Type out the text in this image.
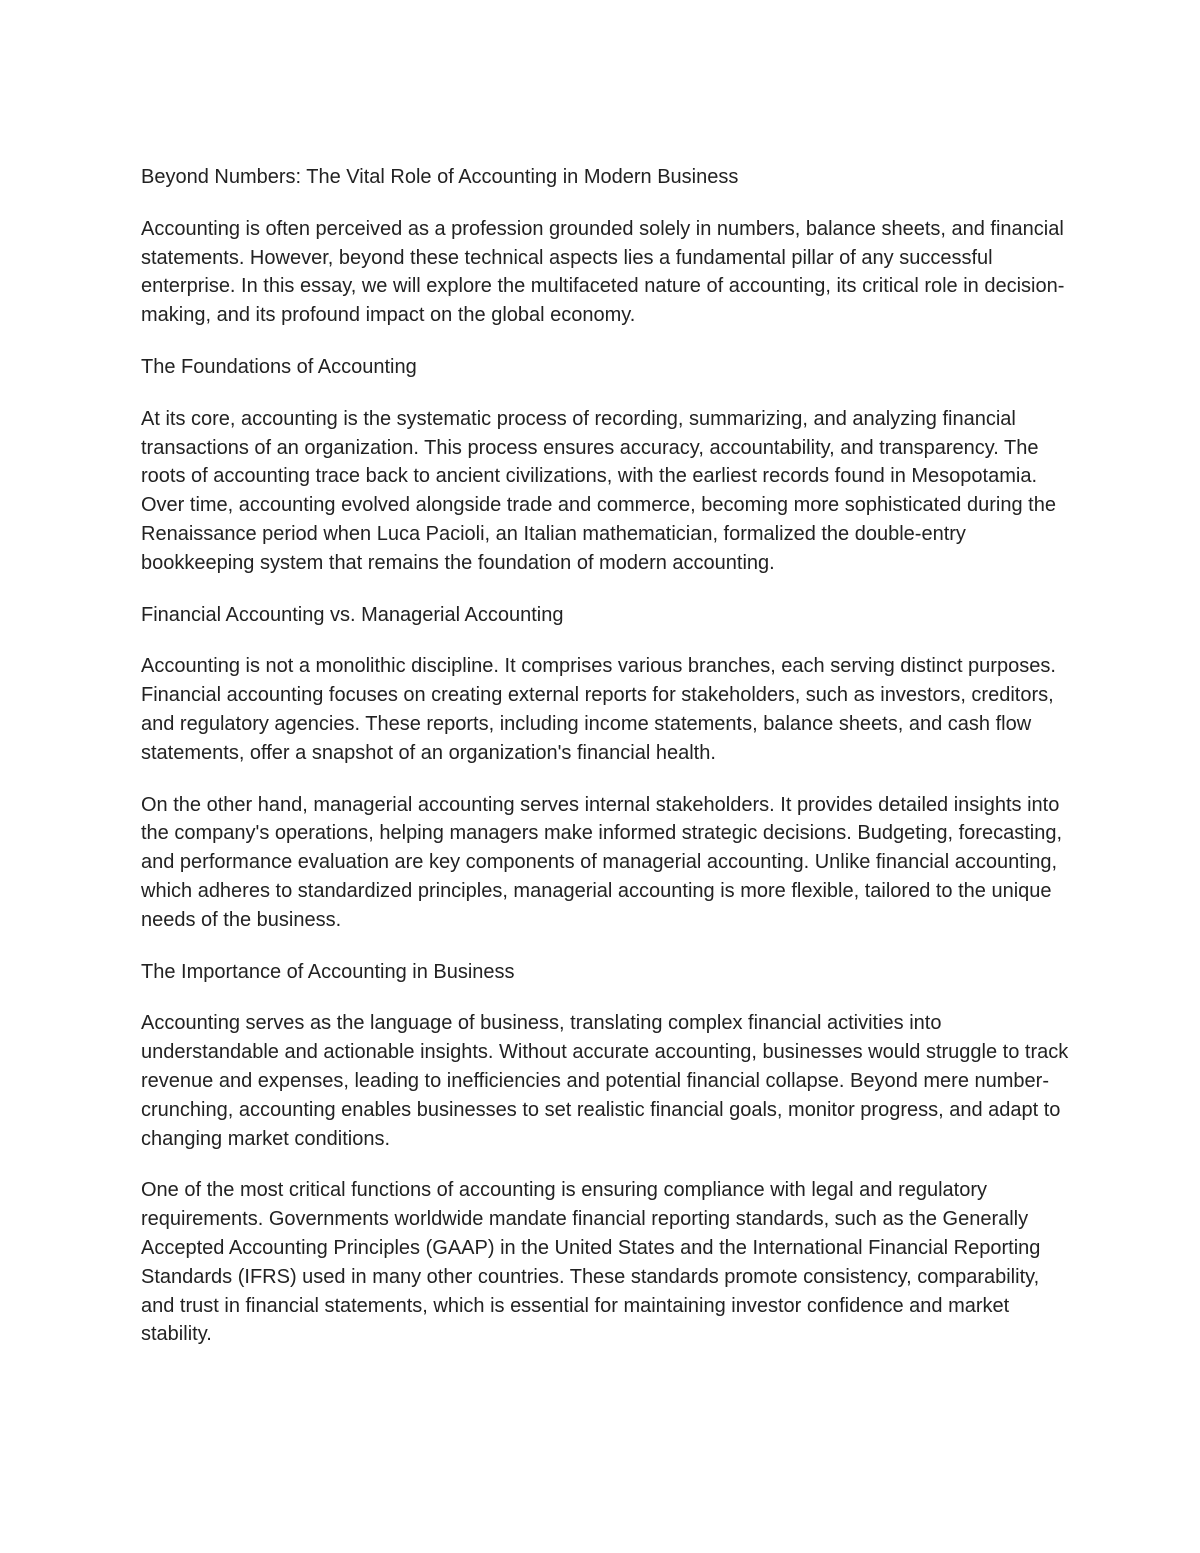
Beyond Numbers: The Vital Role of Accounting in Modern Business

Accounting is often perceived as a profession grounded solely in numbers, balance sheets, and financial statements. However, beyond these technical aspects lies a fundamental pillar of any successful enterprise. In this essay, we will explore the multifaceted nature of accounting, its critical role in decision-making, and its profound impact on the global economy.

The Foundations of Accounting

At its core, accounting is the systematic process of recording, summarizing, and analyzing financial transactions of an organization. This process ensures accuracy, accountability, and transparency. The roots of accounting trace back to ancient civilizations, with the earliest records found in Mesopotamia. Over time, accounting evolved alongside trade and commerce, becoming more sophisticated during the Renaissance period when Luca Pacioli, an Italian mathematician, formalized the double-entry bookkeeping system that remains the foundation of modern accounting.

Financial Accounting vs. Managerial Accounting

Accounting is not a monolithic discipline. It comprises various branches, each serving distinct purposes. Financial accounting focuses on creating external reports for stakeholders, such as investors, creditors, and regulatory agencies. These reports, including income statements, balance sheets, and cash flow statements, offer a snapshot of an organization's financial health.

On the other hand, managerial accounting serves internal stakeholders. It provides detailed insights into the company's operations, helping managers make informed strategic decisions. Budgeting, forecasting, and performance evaluation are key components of managerial accounting. Unlike financial accounting, which adheres to standardized principles, managerial accounting is more flexible, tailored to the unique needs of the business.

The Importance of Accounting in Business

Accounting serves as the language of business, translating complex financial activities into understandable and actionable insights. Without accurate accounting, businesses would struggle to track revenue and expenses, leading to inefficiencies and potential financial collapse. Beyond mere number-crunching, accounting enables businesses to set realistic financial goals, monitor progress, and adapt to changing market conditions.

One of the most critical functions of accounting is ensuring compliance with legal and regulatory requirements. Governments worldwide mandate financial reporting standards, such as the Generally Accepted Accounting Principles (GAAP) in the United States and the International Financial Reporting Standards (IFRS) used in many other countries. These standards promote consistency, comparability, and trust in financial statements, which is essential for maintaining investor confidence and market stability.
